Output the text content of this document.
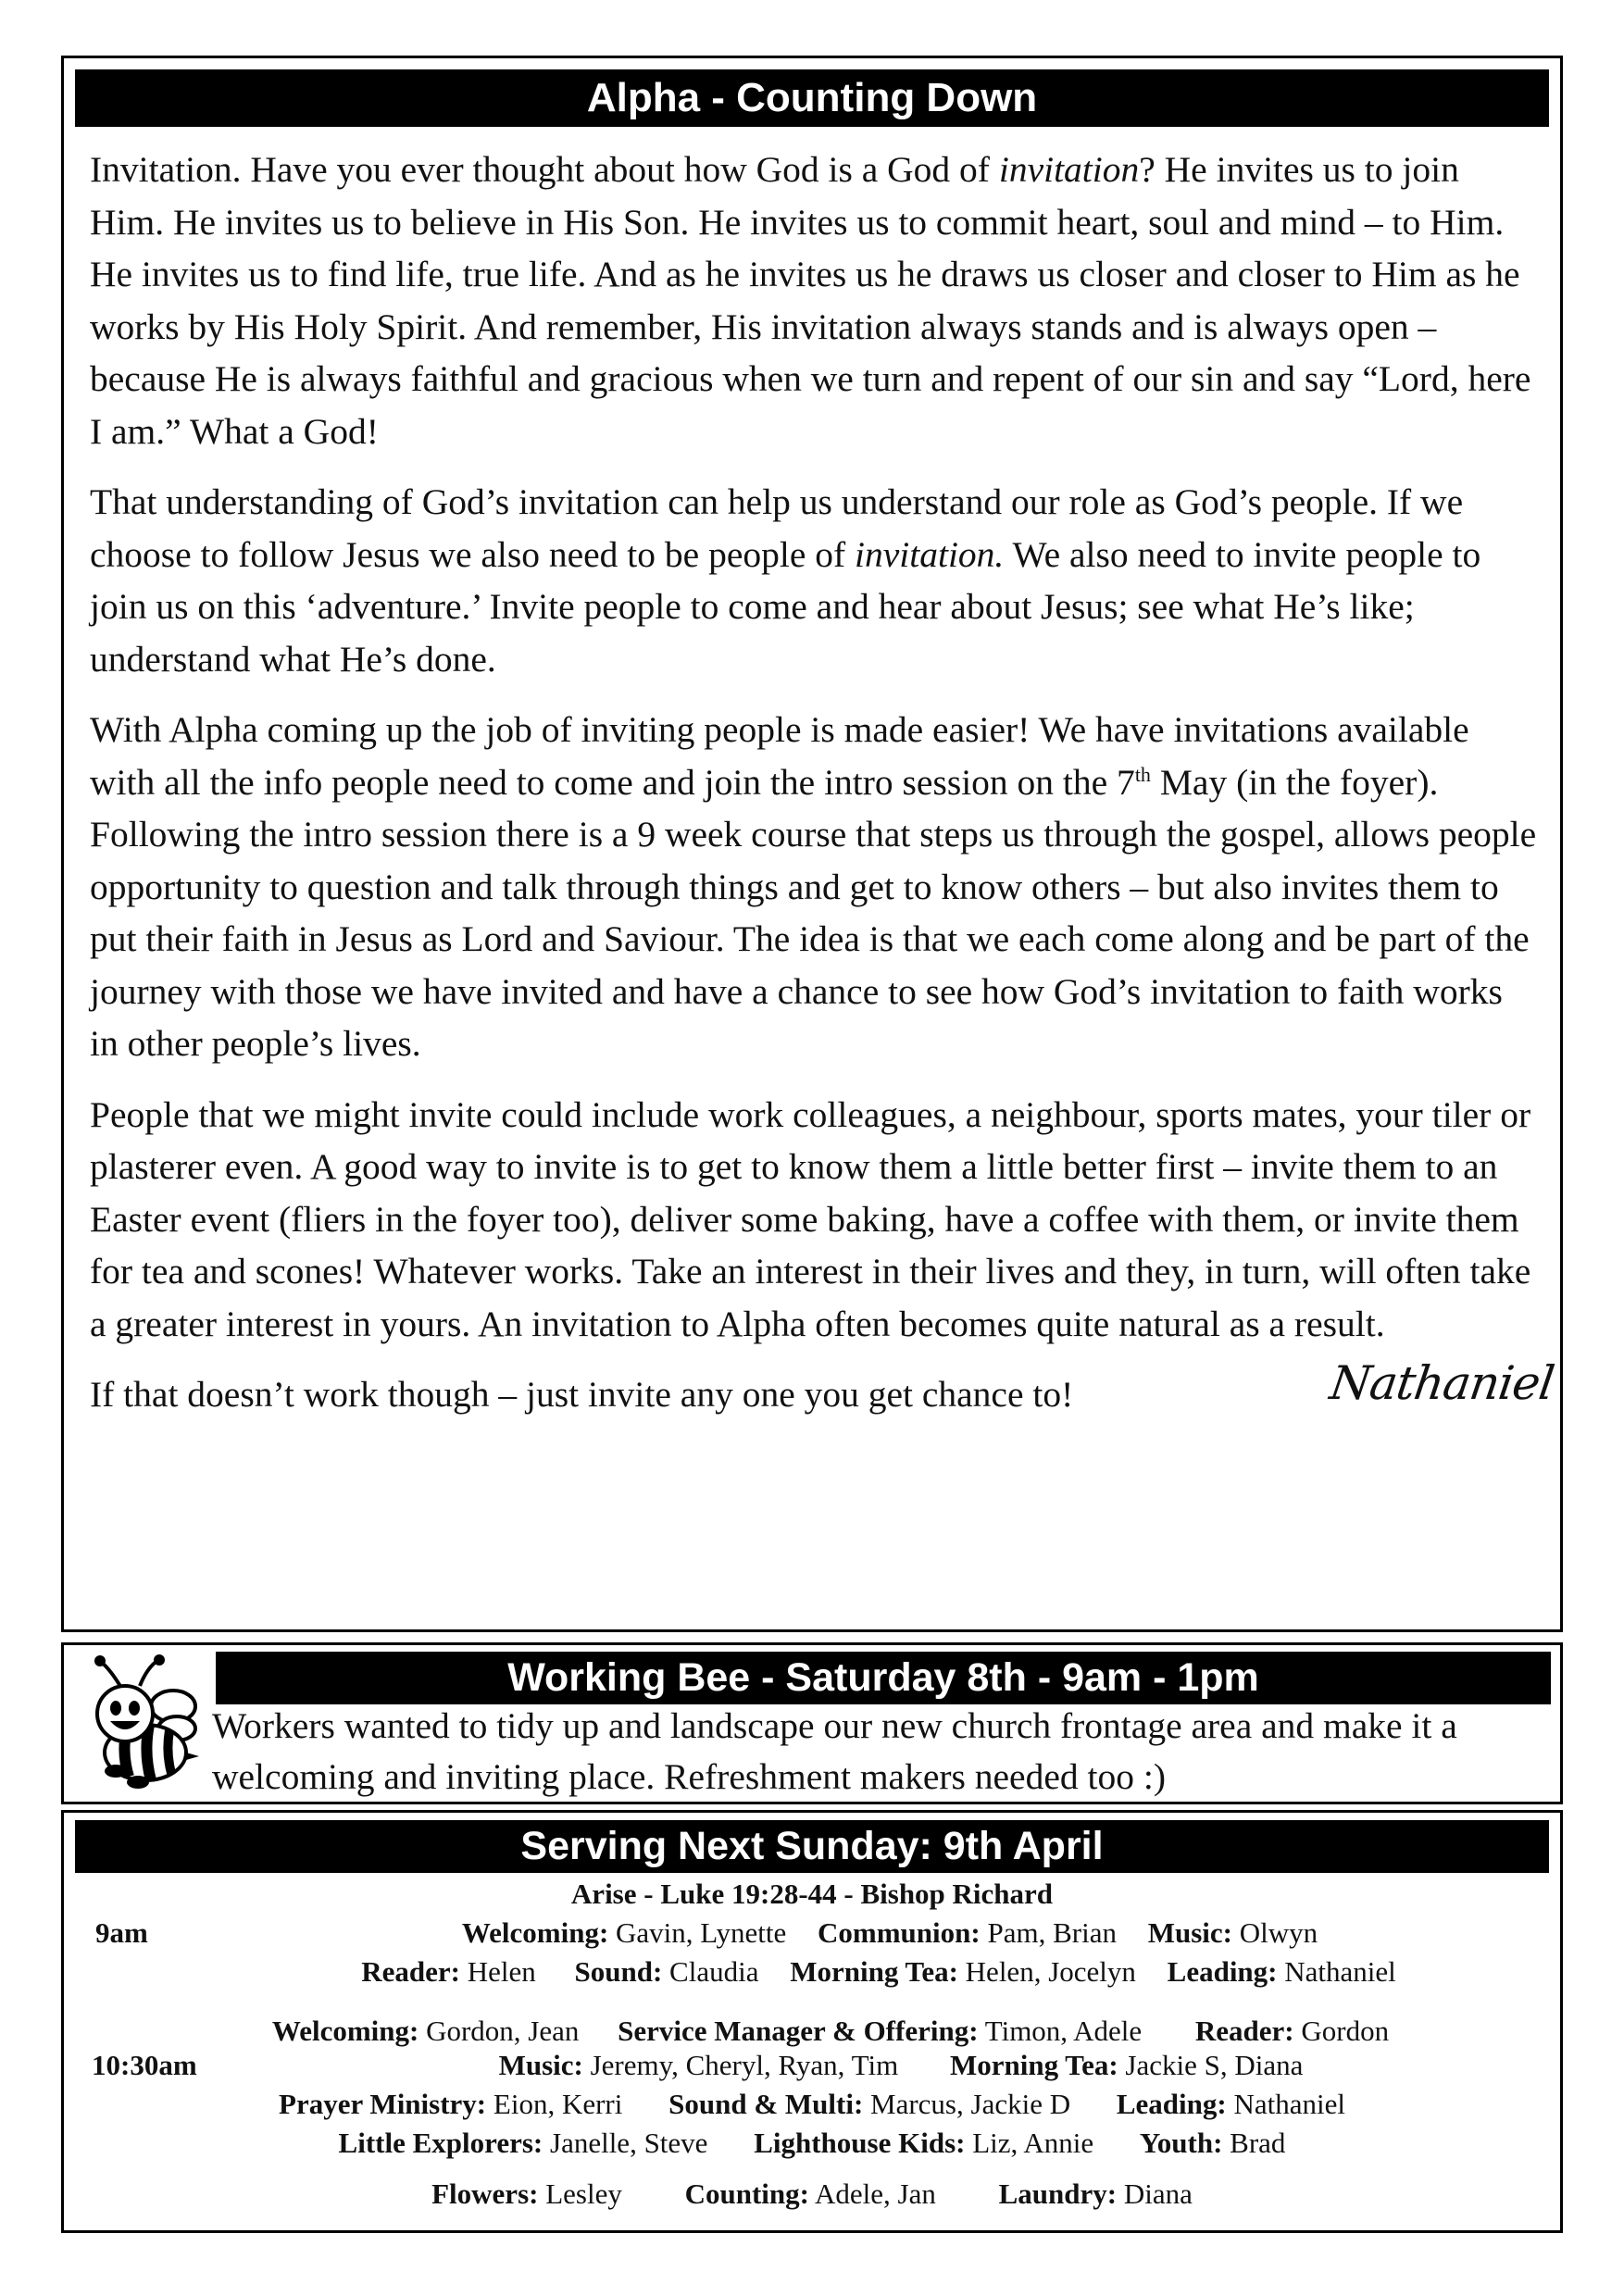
Alpha - Counting Down

Invitation. Have you ever thought about how God is a God of invitation? He invites us to join Him. He invites us to believe in His Son. He invites us to commit heart, soul and mind – to Him. He invites us to find life, true life. And as he invites us he draws us closer and closer to Him as he works by His Holy Spirit. And remember, His invitation always stands and is always open – because He is always faithful and gracious when we turn and repent of our sin and say “Lord, here I am.” What a God!

That understanding of God’s invitation can help us understand our role as God’s people. If we choose to follow Jesus we also need to be people of invitation. We also need to invite people to join us on this ‘adventure.’ Invite people to come and hear about Jesus; see what He’s like; understand what He’s done.

With Alpha coming up the job of inviting people is made easier! We have invitations available with all the info people need to come and join the intro session on the 7th May (in the foyer). Following the intro session there is a 9 week course that steps us through the gospel, allows people opportunity to question and talk through things and get to know others – but also invites them to put their faith in Jesus as Lord and Saviour. The idea is that we each come along and be part of the journey with those we have invited and have a chance to see how God’s invitation to faith works in other people’s lives.

People that we might invite could include work colleagues, a neighbour, sports mates, your tiler or plasterer even. A good way to invite is to get to know them a little better first – invite them to an Easter event (fliers in the foyer too), deliver some baking, have a coffee with them, or invite them for tea and scones! Whatever works. Take an interest in their lives and they, in turn, will often take a greater interest in yours. An invitation to Alpha often becomes quite natural as a result.

If that doesn’t work though – just invite any one you get chance to!	Nathaniel

Working Bee - Saturday 8th - 9am - 1pm
Workers wanted to tidy up and landscape our new church frontage area and make it a welcoming and inviting place. Refreshment makers needed too :)
Serving Next Sunday: 9th April
Arise - Luke 19:28-44 - Bishop Richard
9am	Welcoming: Gavin, Lynette Communion: Pam, Brian Music: Olwyn
Reader: Helen Sound: Claudia Morning Tea: Helen, Jocelyn Leading: Nathaniel
Welcoming: Gordon, Jean Service Manager & Offering: Timon, Adele Reader: Gordon
10:30am	Music: Jeremy, Cheryl, Ryan, Tim Morning Tea: Jackie S, Diana
Prayer Ministry: Eion, Kerri Sound & Multi: Marcus, Jackie D Leading: Nathaniel
Little Explorers: Janelle, Steve Lighthouse Kids: Liz, Annie Youth: Brad
Flowers: Lesley Counting: Adele, Jan Laundry: Diana
